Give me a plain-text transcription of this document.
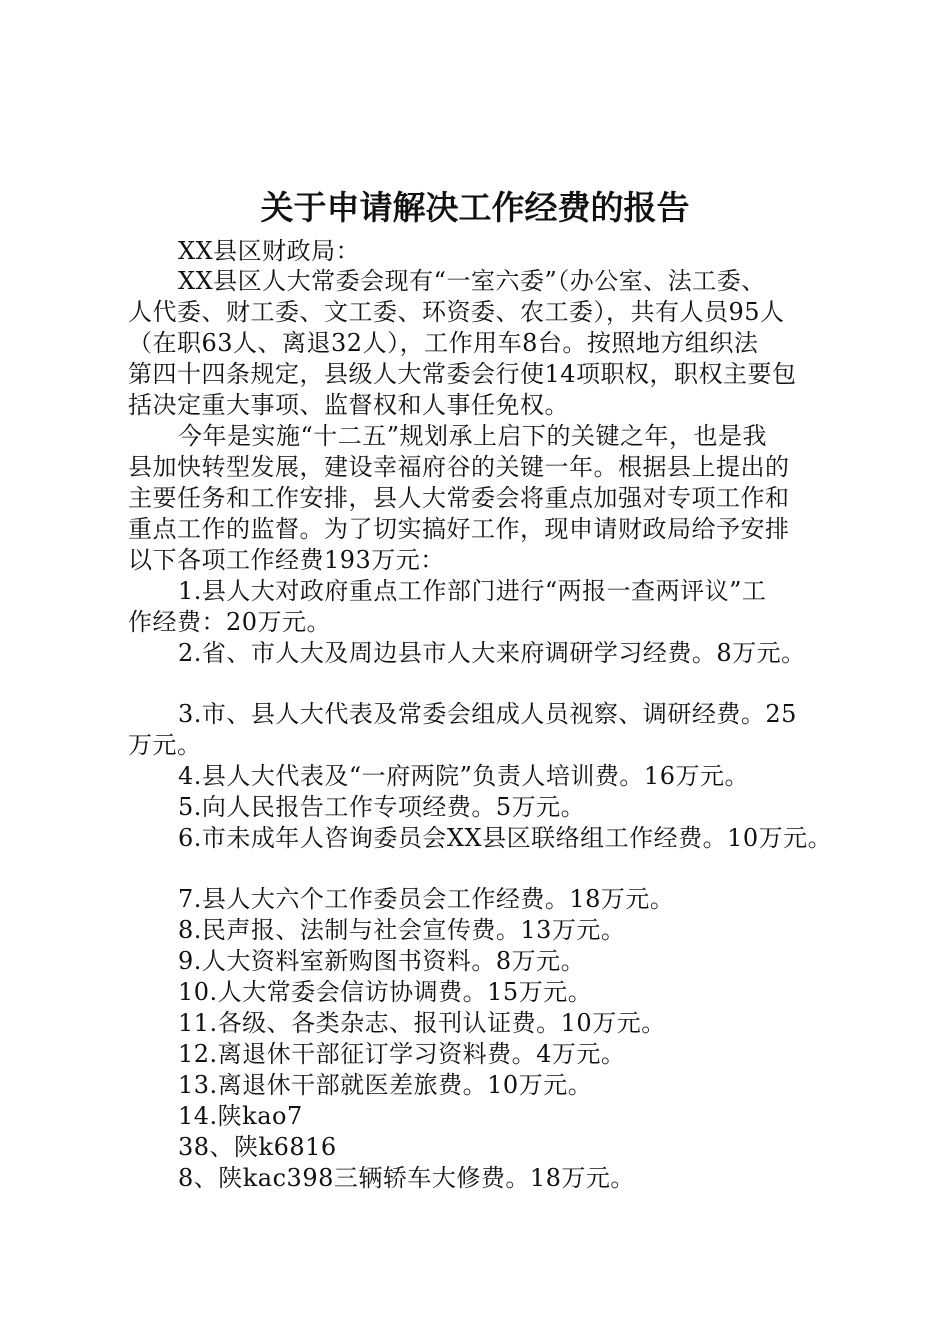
关于申请解决工作经费的报告
XX县区财政局：
XX县区人大常委会现有“一室六委”（办公室、法工委、
人代委、财工委、文工委、环资委、农工委），共有人员95人
（在职63人、离退32人），工作用车8台。按照地方组织法
第四十四条规定，县级人大常委会行使14项职权，职权主要包
括决定重大事项、监督权和人事任免权。
今年是实施“十二五”规划承上启下的关键之年，也是我
县加快转型发展，建设幸福府谷的关键一年。根据县上提出的
主要任务和工作安排，县人大常委会将重点加强对专项工作和
重点工作的监督。为了切实搞好工作，现申请财政局给予安排
以下各项工作经费193万元：
1.县人大对政府重点工作部门进行“两报一查两评议”工
作经费：20万元。
2.省、市人大及周边县市人大来府调研学习经费。8万元。
3.市、县人大代表及常委会组成人员视察、调研经费。25
万元。
4.县人大代表及“一府两院”负责人培训费。16万元。
5.向人民报告工作专项经费。5万元。
6.市未成年人咨询委员会XX县区联络组工作经费。10万元。
7.县人大六个工作委员会工作经费。18万元。
8.民声报、法制与社会宣传费。13万元。
9.人大资料室新购图书资料。8万元。
10.人大常委会信访协调费。15万元。
11.各级、各类杂志、报刊认证费。10万元。
12.离退休干部征订学习资料费。4万元。
13.离退休干部就医差旅费。10万元。
14.陕kao7
38、陕k6816
8、陕kac398三辆轿车大修费。18万元。
